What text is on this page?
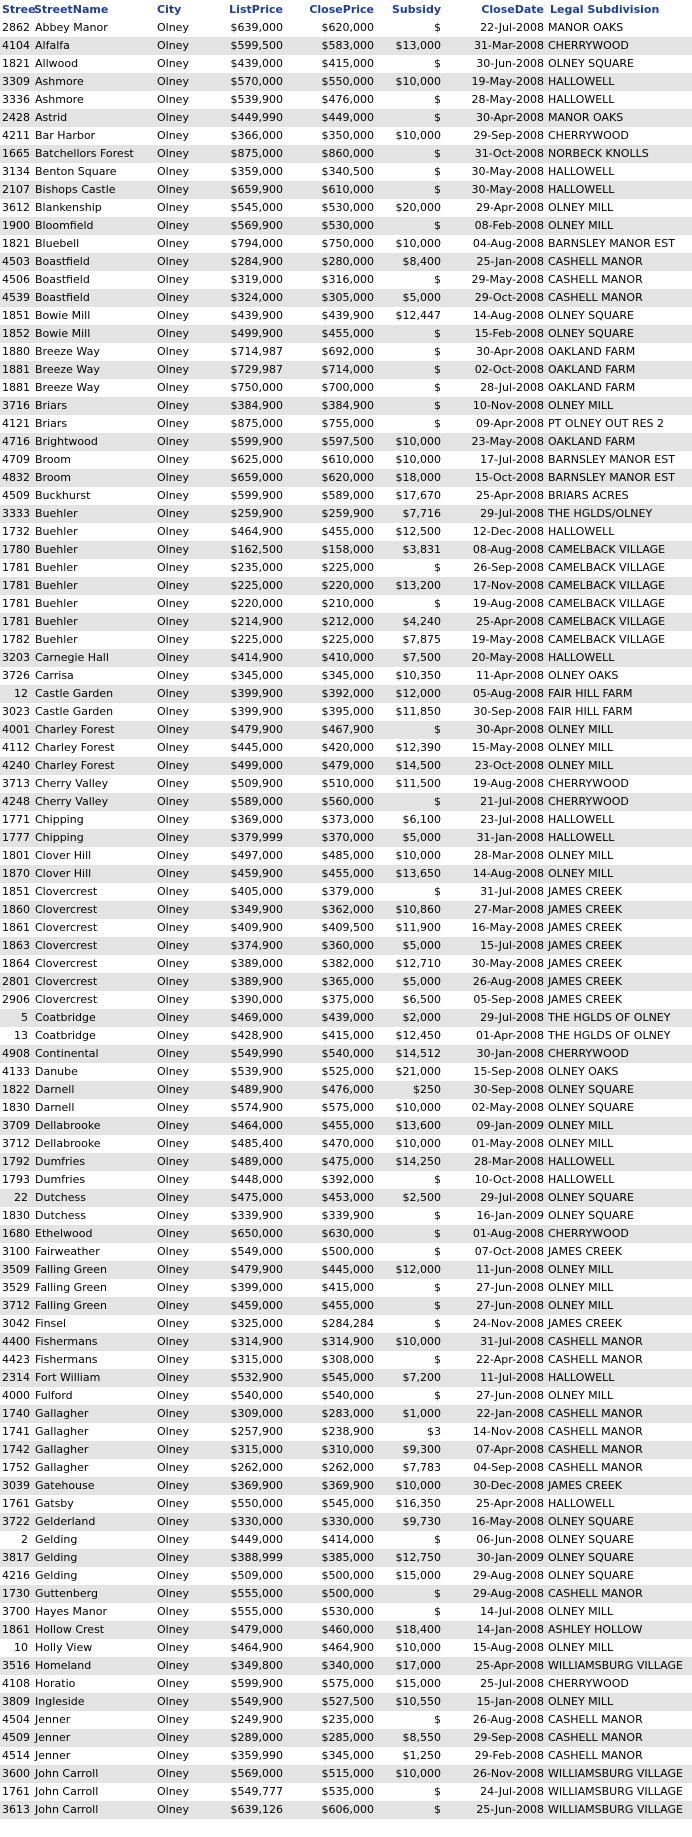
Stree	StreetName	City	ListPrice	ClosePrice	Subsidy	CloseDate	Legal Subdivision
2862	Abbey Manor	Olney	$639,000	$620,000	$	22-Jul-2008	MANOR OAKS
4104	Alfalfa	Olney	$599,500	$583,000	$13,000	31-Mar-2008	CHERRYWOOD
1821	Allwood	Olney	$439,000	$415,000	$	30-Jun-2008	OLNEY SQUARE
3309	Ashmore	Olney	$570,000	$550,000	$10,000	19-May-2008	HALLOWELL
3336	Ashmore	Olney	$539,900	$476,000	$	28-May-2008	HALLOWELL
2428	Astrid	Olney	$449,990	$449,000	$	30-Apr-2008	MANOR OAKS
4211	Bar Harbor	Olney	$366,000	$350,000	$10,000	29-Sep-2008	CHERRYWOOD
1665	Batchellors Forest	Olney	$875,000	$860,000	$	31-Oct-2008	NORBECK KNOLLS
3134	Benton Square	Olney	$359,000	$340,500	$	30-May-2008	HALLOWELL
2107	Bishops Castle	Olney	$659,900	$610,000	$	30-May-2008	HALLOWELL
3612	Blankenship	Olney	$545,000	$530,000	$20,000	29-Apr-2008	OLNEY MILL
1900	Bloomfield	Olney	$569,900	$530,000	$	08-Feb-2008	OLNEY MILL
1821	Bluebell	Olney	$794,000	$750,000	$10,000	04-Aug-2008	BARNSLEY MANOR EST
4503	Boastfield	Olney	$284,900	$280,000	$8,400	25-Jan-2008	CASHELL MANOR
4506	Boastfield	Olney	$319,000	$316,000	$	29-May-2008	CASHELL MANOR
4539	Boastfield	Olney	$324,000	$305,000	$5,000	29-Oct-2008	CASHELL MANOR
1851	Bowie Mill	Olney	$439,900	$439,900	$12,447	14-Aug-2008	OLNEY SQUARE
1852	Bowie Mill	Olney	$499,900	$455,000	$	15-Feb-2008	OLNEY SQUARE
1880	Breeze Way	Olney	$714,987	$692,000	$	30-Apr-2008	OAKLAND FARM
1881	Breeze Way	Olney	$729,987	$714,000	$	02-Oct-2008	OAKLAND FARM
1881	Breeze Way	Olney	$750,000	$700,000	$	28-Jul-2008	OAKLAND FARM
3716	Briars	Olney	$384,900	$384,900	$	10-Nov-2008	OLNEY MILL
4121	Briars	Olney	$875,000	$755,000	$	09-Apr-2008	PT OLNEY OUT RES 2
4716	Brightwood	Olney	$599,900	$597,500	$10,000	23-May-2008	OAKLAND FARM
4709	Broom	Olney	$625,000	$610,000	$10,000	17-Jul-2008	BARNSLEY MANOR EST
4832	Broom	Olney	$659,000	$620,000	$18,000	15-Oct-2008	BARNSLEY MANOR EST
4509	Buckhurst	Olney	$599,900	$589,000	$17,670	25-Apr-2008	BRIARS ACRES
3333	Buehler	Olney	$259,900	$259,900	$7,716	29-Jul-2008	THE HGLDS/OLNEY
1732	Buehler	Olney	$464,900	$455,000	$12,500	12-Dec-2008	HALLOWELL
1780	Buehler	Olney	$162,500	$158,000	$3,831	08-Aug-2008	CAMELBACK VILLAGE
1781	Buehler	Olney	$235,000	$225,000	$	26-Sep-2008	CAMELBACK VILLAGE
1781	Buehler	Olney	$225,000	$220,000	$13,200	17-Nov-2008	CAMELBACK VILLAGE
1781	Buehler	Olney	$220,000	$210,000	$	19-Aug-2008	CAMELBACK VILLAGE
1781	Buehler	Olney	$214,900	$212,000	$4,240	25-Apr-2008	CAMELBACK VILLAGE
1782	Buehler	Olney	$225,000	$225,000	$7,875	19-May-2008	CAMELBACK VILLAGE
3203	Carnegie Hall	Olney	$414,900	$410,000	$7,500	20-May-2008	HALLOWELL
3726	Carrisa	Olney	$345,000	$345,000	$10,350	11-Apr-2008	OLNEY OAKS
12	Castle Garden	Olney	$399,900	$392,000	$12,000	05-Aug-2008	FAIR HILL FARM
3023	Castle Garden	Olney	$399,900	$395,000	$11,850	30-Sep-2008	FAIR HILL FARM
4001	Charley Forest	Olney	$479,900	$467,900	$	30-Apr-2008	OLNEY MILL
4112	Charley Forest	Olney	$445,000	$420,000	$12,390	15-May-2008	OLNEY MILL
4240	Charley Forest	Olney	$499,000	$479,000	$14,500	23-Oct-2008	OLNEY MILL
3713	Cherry Valley	Olney	$509,900	$510,000	$11,500	19-Aug-2008	CHERRYWOOD
4248	Cherry Valley	Olney	$589,000	$560,000	$	21-Jul-2008	CHERRYWOOD
1771	Chipping	Olney	$369,000	$373,000	$6,100	23-Jul-2008	HALLOWELL
1777	Chipping	Olney	$379,999	$370,000	$5,000	31-Jan-2008	HALLOWELL
1801	Clover Hill	Olney	$497,000	$485,000	$10,000	28-Mar-2008	OLNEY MILL
1870	Clover Hill	Olney	$459,900	$455,000	$13,650	14-Aug-2008	OLNEY MILL
1851	Clovercrest	Olney	$405,000	$379,000	$	31-Jul-2008	JAMES CREEK
1860	Clovercrest	Olney	$349,900	$362,000	$10,860	27-Mar-2008	JAMES CREEK
1861	Clovercrest	Olney	$409,900	$409,500	$11,900	16-May-2008	JAMES CREEK
1863	Clovercrest	Olney	$374,900	$360,000	$5,000	15-Jul-2008	JAMES CREEK
1864	Clovercrest	Olney	$389,000	$382,000	$12,710	30-May-2008	JAMES CREEK
2801	Clovercrest	Olney	$389,900	$365,000	$5,000	26-Aug-2008	JAMES CREEK
2906	Clovercrest	Olney	$390,000	$375,000	$6,500	05-Sep-2008	JAMES CREEK
5	Coatbridge	Olney	$469,000	$439,000	$2,000	29-Jul-2008	THE HGLDS OF OLNEY
13	Coatbridge	Olney	$428,900	$415,000	$12,450	01-Apr-2008	THE HGLDS OF OLNEY
4908	Continental	Olney	$549,990	$540,000	$14,512	30-Jan-2008	CHERRYWOOD
4133	Danube	Olney	$539,900	$525,000	$21,000	15-Sep-2008	OLNEY OAKS
1822	Darnell	Olney	$489,900	$476,000	$250	30-Sep-2008	OLNEY SQUARE
1830	Darnell	Olney	$574,900	$575,000	$10,000	02-May-2008	OLNEY SQUARE
3709	Dellabrooke	Olney	$464,000	$455,000	$13,600	09-Jan-2009	OLNEY MILL
3712	Dellabrooke	Olney	$485,400	$470,000	$10,000	01-May-2008	OLNEY MILL
1792	Dumfries	Olney	$489,000	$475,000	$14,250	28-Mar-2008	HALLOWELL
1793	Dumfries	Olney	$448,000	$392,000	$	10-Oct-2008	HALLOWELL
22	Dutchess	Olney	$475,000	$453,000	$2,500	29-Jul-2008	OLNEY SQUARE
1830	Dutchess	Olney	$339,900	$339,900	$	16-Jan-2009	OLNEY SQUARE
1680	Ethelwood	Olney	$650,000	$630,000	$	01-Aug-2008	CHERRYWOOD
3100	Fairweather	Olney	$549,000	$500,000	$	07-Oct-2008	JAMES CREEK
3509	Falling Green	Olney	$479,900	$445,000	$12,000	11-Jun-2008	OLNEY MILL
3529	Falling Green	Olney	$399,000	$415,000	$	27-Jun-2008	OLNEY MILL
3712	Falling Green	Olney	$459,000	$455,000	$	27-Jun-2008	OLNEY MILL
3042	Finsel	Olney	$325,000	$284,284	$	24-Nov-2008	JAMES CREEK
4400	Fishermans	Olney	$314,900	$314,900	$10,000	31-Jul-2008	CASHELL MANOR
4423	Fishermans	Olney	$315,000	$308,000	$	22-Apr-2008	CASHELL MANOR
2314	Fort William	Olney	$532,900	$545,000	$7,200	11-Jul-2008	HALLOWELL
4000	Fulford	Olney	$540,000	$540,000	$	27-Jun-2008	OLNEY MILL
1740	Gallagher	Olney	$309,000	$283,000	$1,000	22-Jan-2008	CASHELL MANOR
1741	Gallagher	Olney	$257,900	$238,900	$3	14-Nov-2008	CASHELL MANOR
1742	Gallagher	Olney	$315,000	$310,000	$9,300	07-Apr-2008	CASHELL MANOR
1752	Gallagher	Olney	$262,000	$262,000	$7,783	04-Sep-2008	CASHELL MANOR
3039	Gatehouse	Olney	$369,900	$369,900	$10,000	30-Dec-2008	JAMES CREEK
1761	Gatsby	Olney	$550,000	$545,000	$16,350	25-Apr-2008	HALLOWELL
3722	Gelderland	Olney	$330,000	$330,000	$9,730	16-May-2008	OLNEY SQUARE
2	Gelding	Olney	$449,000	$414,000	$	06-Jun-2008	OLNEY SQUARE
3817	Gelding	Olney	$388,999	$385,000	$12,750	30-Jan-2009	OLNEY SQUARE
4216	Gelding	Olney	$509,000	$500,000	$15,000	29-Aug-2008	OLNEY SQUARE
1730	Guttenberg	Olney	$555,000	$500,000	$	29-Aug-2008	CASHELL MANOR
3700	Hayes Manor	Olney	$555,000	$530,000	$	14-Jul-2008	OLNEY MILL
1861	Hollow Crest	Olney	$479,000	$460,000	$18,400	14-Jan-2008	ASHLEY HOLLOW
10	Holly View	Olney	$464,900	$464,900	$10,000	15-Aug-2008	OLNEY MILL
3516	Homeland	Olney	$349,800	$340,000	$17,000	25-Apr-2008	WILLIAMSBURG VILLAGE
4108	Horatio	Olney	$599,900	$575,000	$15,000	25-Jul-2008	CHERRYWOOD
3809	Ingleside	Olney	$549,900	$527,500	$10,550	15-Jan-2008	OLNEY MILL
4504	Jenner	Olney	$249,900	$235,000	$	26-Aug-2008	CASHELL MANOR
4509	Jenner	Olney	$289,000	$285,000	$8,550	29-Sep-2008	CASHELL MANOR
4514	Jenner	Olney	$359,990	$345,000	$1,250	29-Feb-2008	CASHELL MANOR
3600	John Carroll	Olney	$569,000	$515,000	$10,000	26-Nov-2008	WILLIAMSBURG VILLAGE
1761	John Carroll	Olney	$549,777	$535,000	$	24-Jul-2008	WILLIAMSBURG VILLAGE
3613	John Carroll	Olney	$639,126	$606,000	$	25-Jun-2008	WILLIAMSBURG VILLAGE
